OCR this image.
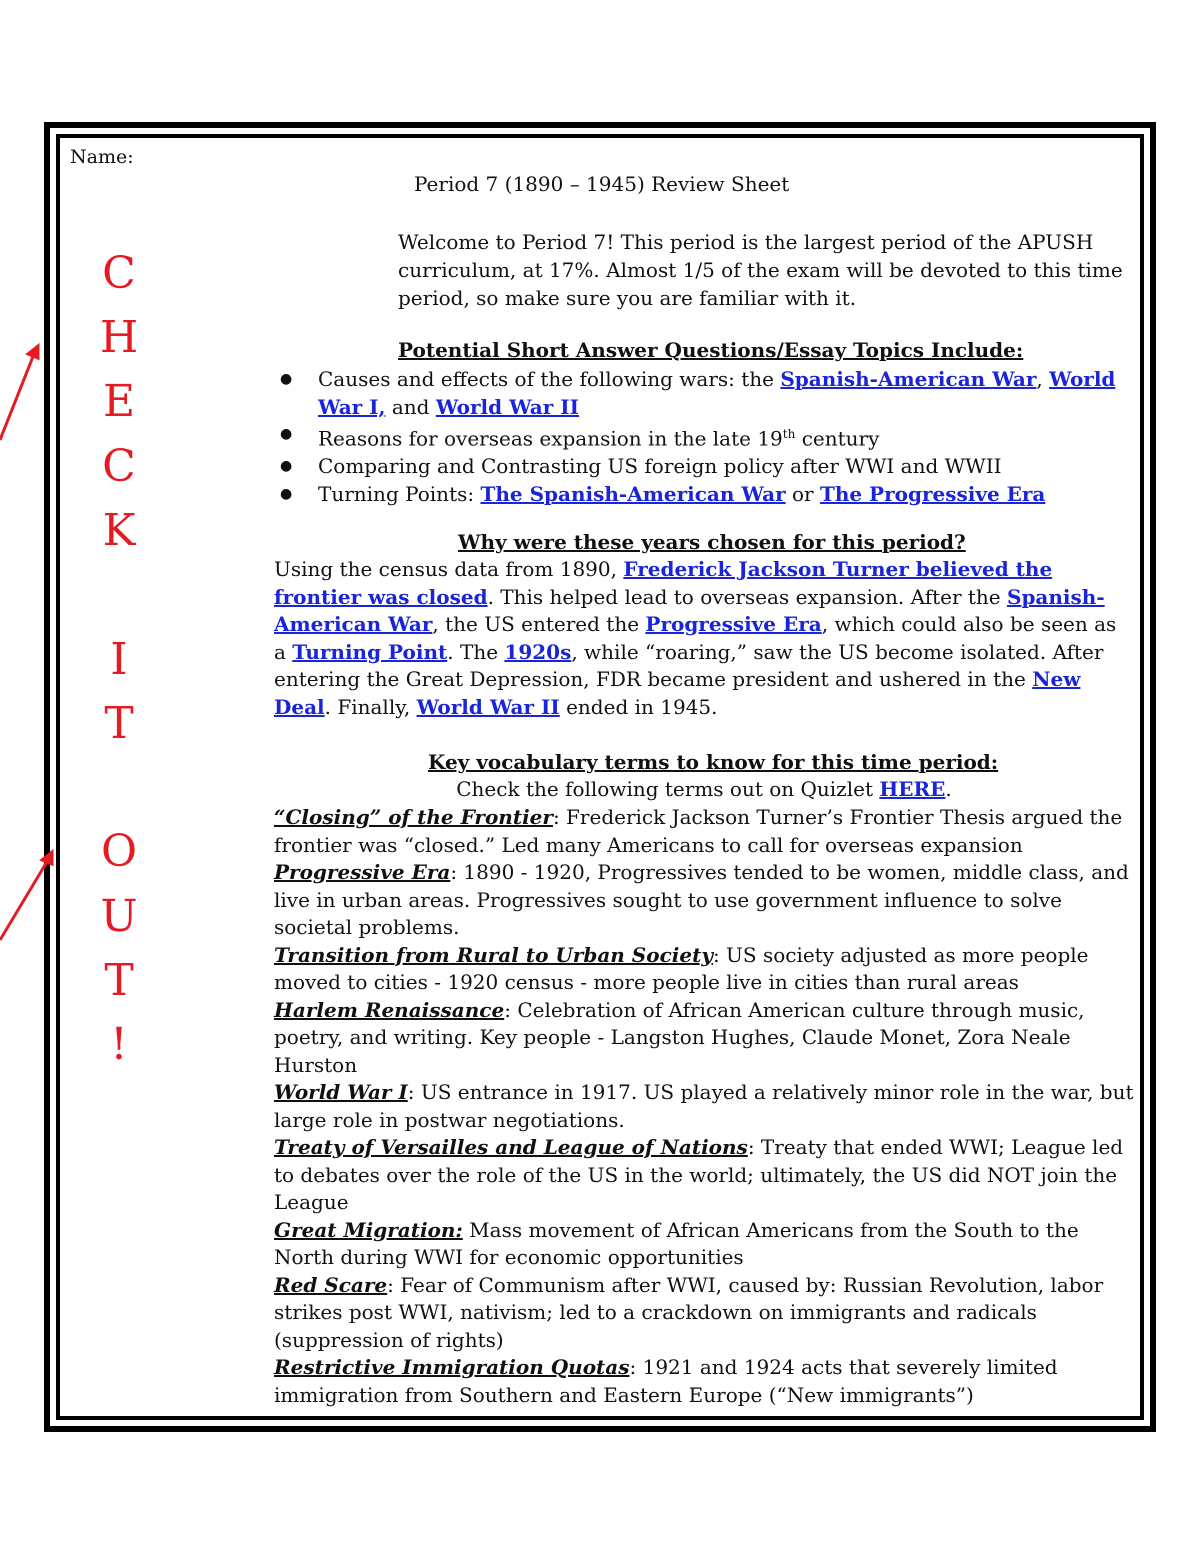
Name:
Period 7 (1890 – 1945) Review Sheet
Welcome to Period 7! This period is the largest period of the APUSH curriculum, at 17%. Almost 1/5 of the exam will be devoted to this time period, so make sure you are familiar with it.
C
H
E
C
K
I
T
O
U
T
!
Potential Short Answer Questions/Essay Topics Include:
● Causes and effects of the following wars: the Spanish-American War, World War I, and World War II
● Reasons for overseas expansion in the late 19th century
● Comparing and Contrasting US foreign policy after WWI and WWII
● Turning Points: The Spanish-American War or The Progressive Era
Why were these years chosen for this period?
Using the census data from 1890, Frederick Jackson Turner believed the frontier was closed. This helped lead to overseas expansion. After the Spanish-American War, the US entered the Progressive Era, which could also be seen as a Turning Point. The 1920s, while “roaring,” saw the US become isolated. After entering the Great Depression, FDR became president and ushered in the New Deal. Finally, World War II ended in 1945.
Key vocabulary terms to know for this time period:
Check the following terms out on Quizlet HERE.
“Closing” of the Frontier: Frederick Jackson Turner’s Frontier Thesis argued the frontier was “closed.” Led many Americans to call for overseas expansion
Progressive Era: 1890 - 1920, Progressives tended to be women, middle class, and live in urban areas. Progressives sought to use government influence to solve societal problems.
Transition from Rural to Urban Society: US society adjusted as more people moved to cities - 1920 census - more people live in cities than rural areas
Harlem Renaissance: Celebration of African American culture through music, poetry, and writing. Key people - Langston Hughes, Claude Monet, Zora Neale Hurston
World War I: US entrance in 1917. US played a relatively minor role in the war, but large role in postwar negotiations.
Treaty of Versailles and League of Nations: Treaty that ended WWI; League led to debates over the role of the US in the world; ultimately, the US did NOT join the League
Great Migration: Mass movement of African Americans from the South to the North during WWI for economic opportunities
Red Scare: Fear of Communism after WWI, caused by: Russian Revolution, labor strikes post WWI, nativism; led to a crackdown on immigrants and radicals (suppression of rights)
Restrictive Immigration Quotas: 1921 and 1924 acts that severely limited immigration from Southern and Eastern Europe (“New immigrants”)
